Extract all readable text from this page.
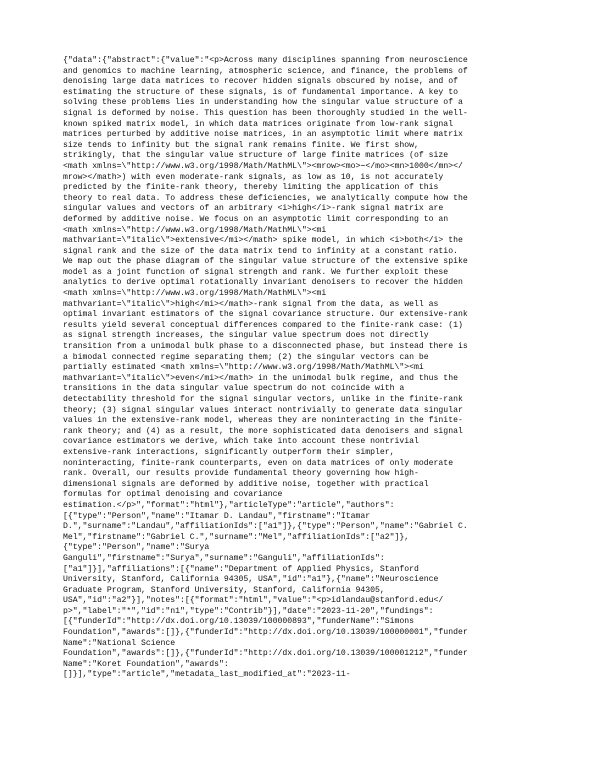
{"data":{"abstract":{"value":"<p>Across many disciplines spanning from neuroscience
and genomics to machine learning, atmospheric science, and finance, the problems of
denoising large data matrices to recover hidden signals obscured by noise, and of
estimating the structure of these signals, is of fundamental importance. A key to
solving these problems lies in understanding how the singular value structure of a
signal is deformed by noise. This question has been thoroughly studied in the well-
known spiked matrix model, in which data matrices originate from low-rank signal
matrices perturbed by additive noise matrices, in an asymptotic limit where matrix
size tends to infinity but the signal rank remains finite. We first show,
strikingly, that the singular value structure of large finite matrices (of size
<math xmlns=\"http://www.w3.org/1998/Math/MathML\"><mrow><mo>∼</mo><mn>1000</mn></
mrow></math>) with even moderate-rank signals, as low as 10, is not accurately
predicted by the finite-rank theory, thereby limiting the application of this
theory to real data. To address these deficiencies, we analytically compute how the
singular values and vectors of an arbitrary <i>high</i>-rank signal matrix are
deformed by additive noise. We focus on an asymptotic limit corresponding to an
<math xmlns=\"http://www.w3.org/1998/Math/MathML\"><mi
mathvariant=\"italic\">extensive</mi></math> spike model, in which <i>both</i> the
signal rank and the size of the data matrix tend to infinity at a constant ratio.
We map out the phase diagram of the singular value structure of the extensive spike
model as a joint function of signal strength and rank. We further exploit these
analytics to derive optimal rotationally invariant denoisers to recover the hidden
<math xmlns=\"http://www.w3.org/1998/Math/MathML\"><mi
mathvariant=\"italic\">high</mi></math>-rank signal from the data, as well as
optimal invariant estimators of the signal covariance structure. Our extensive-rank
results yield several conceptual differences compared to the finite-rank case: (1)
as signal strength increases, the singular value spectrum does not directly
transition from a unimodal bulk phase to a disconnected phase, but instead there is
a bimodal connected regime separating them; (2) the singular vectors can be
partially estimated <math xmlns=\"http://www.w3.org/1998/Math/MathML\"><mi
mathvariant=\"italic\">even</mi></math> in the unimodal bulk regime, and thus the
transitions in the data singular value spectrum do not coincide with a
detectability threshold for the signal singular vectors, unlike in the finite-rank
theory; (3) signal singular values interact nontrivially to generate data singular
values in the extensive-rank model, whereas they are noninteracting in the finite-
rank theory; and (4) as a result, the more sophisticated data denoisers and signal
covariance estimators we derive, which take into account these nontrivial
extensive-rank interactions, significantly outperform their simpler,
noninteracting, finite-rank counterparts, even on data matrices of only moderate
rank. Overall, our results provide fundamental theory governing how high-
dimensional signals are deformed by additive noise, together with practical
formulas for optimal denoising and covariance
estimation.</p>","format":"html"},"articleType":"article","authors":
[{"type":"Person","name":"Itamar D. Landau","firstname":"Itamar
D.","surname":"Landau","affiliationIds":["a1"]},{"type":"Person","name":"Gabriel C.
Mel","firstname":"Gabriel C.","surname":"Mel","affiliationIds":["a2"]},
{"type":"Person","name":"Surya
Ganguli","firstname":"Surya","surname":"Ganguli","affiliationIds":
["a1"]}],"affiliations":[{"name":"Department of Applied Physics, Stanford
University, Stanford, California 94305, USA","id":"a1"},{"name":"Neuroscience
Graduate Program, Stanford University, Stanford, California 94305,
USA","id":"a2"}],"notes":[{"format":"html","value":"<p>idlandau@stanford.edu</
p>","label":"*","id":"n1","type":"Contrib"}],"date":"2023-11-20","fundings":
[{"funderId":"http://dx.doi.org/10.13039/100000893","funderName":"Simons
Foundation","awards":[]},{"funderId":"http://dx.doi.org/10.13039/100000001","funder
Name":"National Science
Foundation","awards":[]},{"funderId":"http://dx.doi.org/10.13039/100001212","funder
Name":"Koret Foundation","awards":
[]}],"type":"article","metadata_last_modified_at":"2023-11-
